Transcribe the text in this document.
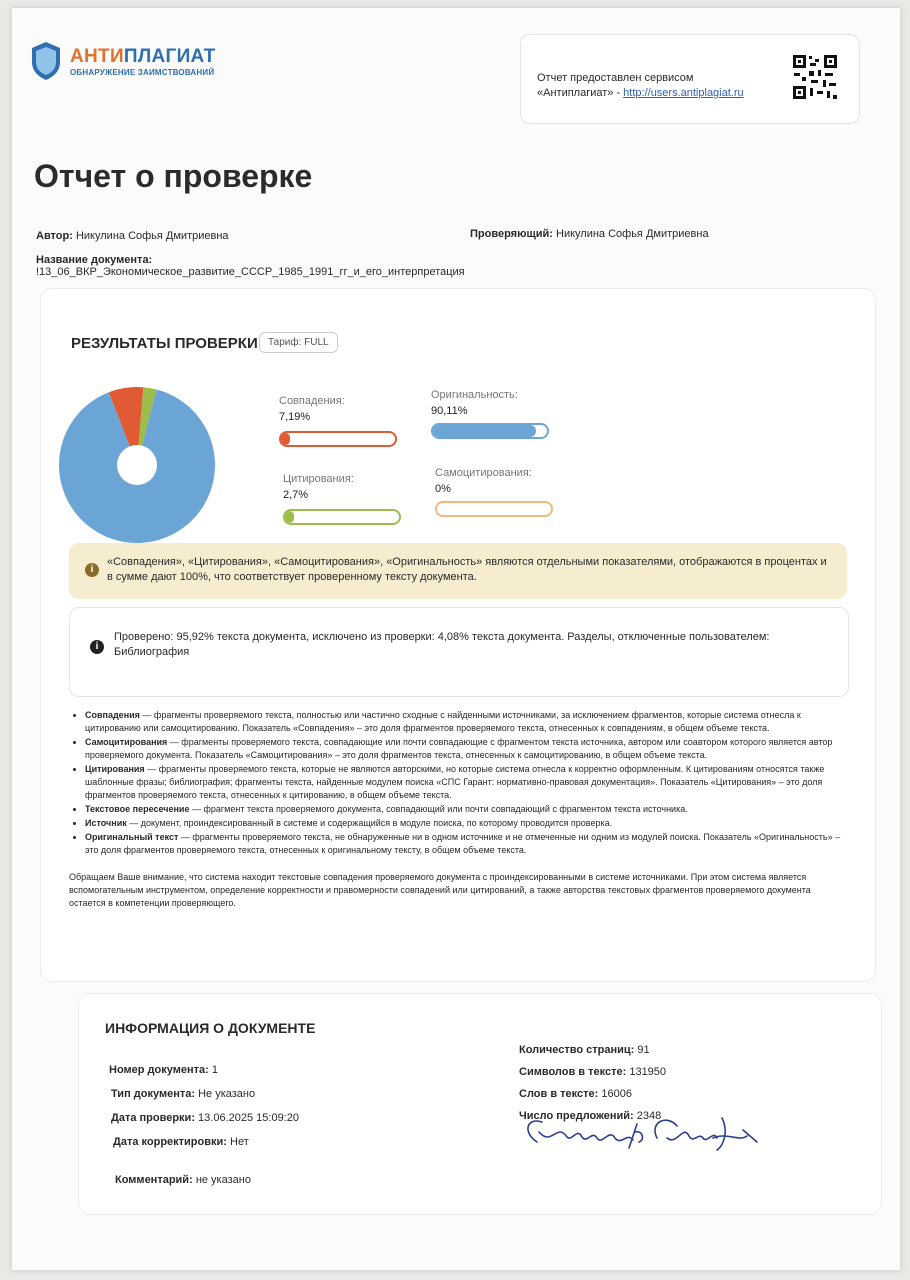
АНТИПЛАГИАТ
ОБНАРУЖЕНИЕ ЗАИМСТВОВАНИЙ	Отчет предоставлен сервисом
«Антиплагиат» - http://users.antiplagiat.ru
Отчет о проверке
Автор: Никулина Софья Дмитриевна	Проверяющий: Никулина Софья Дмитриевна
Название документа:
!13_06_ВКР_Экономическое_развитие_СССР_1985_1991_гг_и_его_интерпретация
РЕЗУЛЬТАТЫ ПРОВЕРКИ	Тариф: FULL
Совпадения:
7,19%
Оригинальность:
90,11%
Цитирования:
2,7%
Самоцитирования:
0%
i
«Совпадения», «Цитирования», «Самоцитирования», «Оригинальность» являются отдельными показателями, отображаются в процентах и в сумме дают 100%, что соответствует проверенному тексту документа.
i
Проверено: 95,92% текста документа, исключено из проверки: 4,08% текста документа. Разделы, отключенные пользователем: Библиография
• Совпадения — фрагменты проверяемого текста, полностью или частично сходные с найденными источниками, за исключением фрагментов, которые система отнесла к цитированию или самоцитированию. Показатель «Совпадения» – это доля фрагментов проверяемого текста, отнесенных к совпадениям, в общем объеме текста.
• Самоцитирования — фрагменты проверяемого текста, совпадающие или почти совпадающие с фрагментом текста источника, автором или соавтором которого является автор проверяемого документа. Показатель «Самоцитирования» – это доля фрагментов текста, отнесенных к самоцитированию, в общем объеме текста.
• Цитирования — фрагменты проверяемого текста, которые не являются авторскими, но которые система отнесла к корректно оформленным. К цитированиям относятся также шаблонные фразы; библиография; фрагменты текста, найденные модулем поиска «СПС Гарант: нормативно-правовая документация». Показатель «Цитирования» – это доля фрагментов проверяемого текста, отнесенных к цитированию, в общем объеме текста.
• Текстовое пересечение — фрагмент текста проверяемого документа, совпадающий или почти совпадающий с фрагментом текста источника.
• Источник — документ, проиндексированный в системе и содержащийся в модуле поиска, по которому проводится проверка.
• Оригинальный текст — фрагменты проверяемого текста, не обнаруженные ни в одном источнике и не отмеченные ни одним из модулей поиска. Показатель «Оригинальность» – это доля фрагментов проверяемого текста, отнесенных к оригинальному тексту, в общем объеме текста.
Обращаем Ваше внимание, что система находит текстовые совпадения проверяемого документа с проиндексированными в системе источниками. При этом система является вспомогательным инструментом, определение корректности и правомерности совпадений или цитирований, а также авторства текстовых фрагментов проверяемого документа остается в компетенции проверяющего.
ИНФОРМАЦИЯ О ДОКУМЕНТЕ
Номер документа: 1
Тип документа: Не указано
Дата проверки: 13.06.2025 15:09:20
Дата корректировки: Нет
Количество страниц: 91
Символов в тексте: 131950
Слов в тексте: 16006
Число предложений: 2348
Комментарий: не указано
